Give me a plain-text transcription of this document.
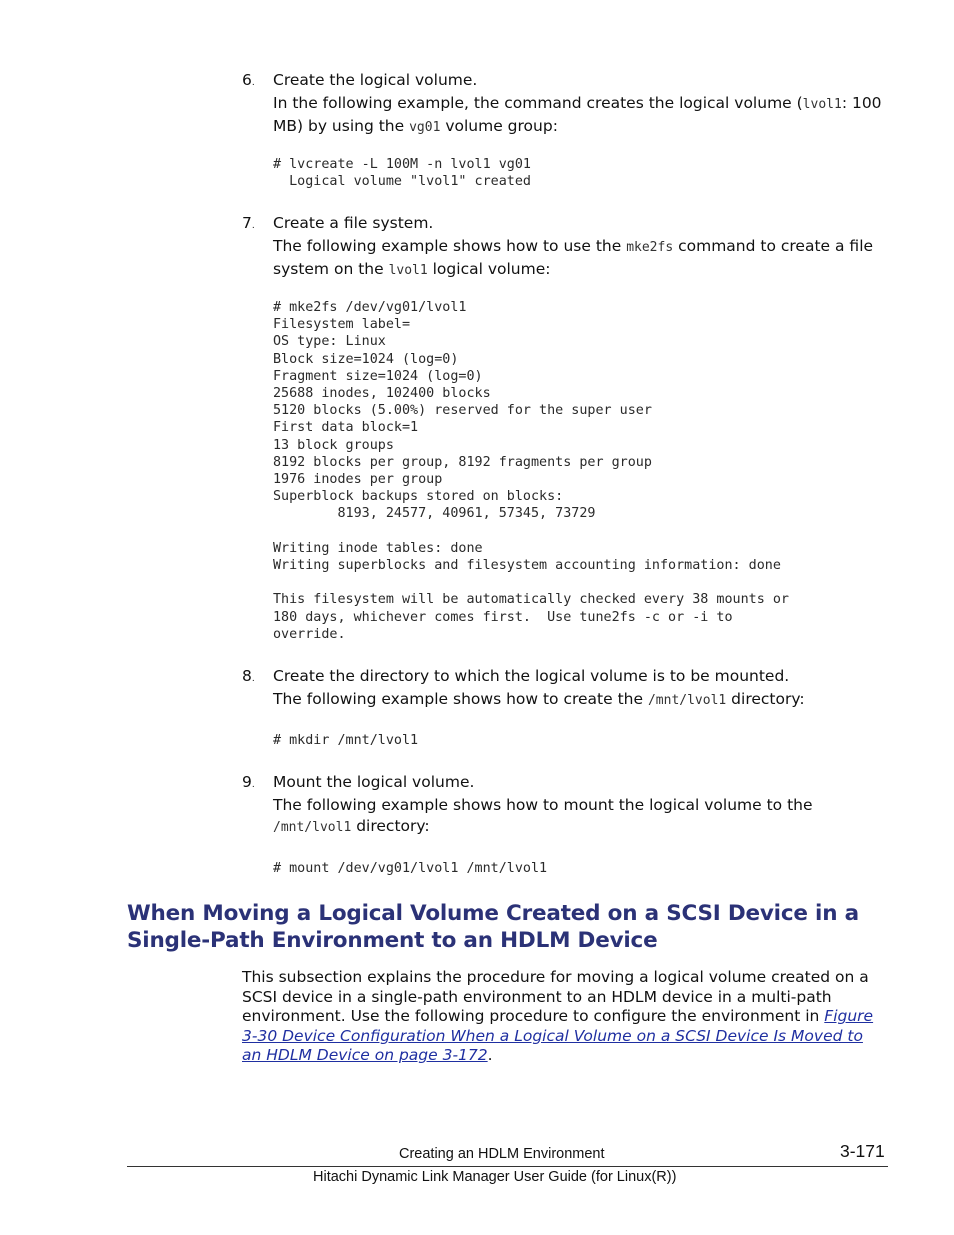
6. Create the logical volume.
In the following example, the command creates the logical volume (lvol1: 100 MB) by using the vg01 volume group:
# lvcreate -L 100M -n lvol1 vg01
Logical volume "lvol1" created
7. Create a file system.
The following example shows how to use the mke2fs command to create a file system on the lvol1 logical volume:
# mke2fs /dev/vg01/lvol1
Filesystem label=
OS type: Linux
Block size=1024 (log=0)
Fragment size=1024 (log=0)
25688 inodes, 102400 blocks
5120 blocks (5.00%) reserved for the super user
First data block=1
13 block groups
8192 blocks per group, 8192 fragments per group
1976 inodes per group
Superblock backups stored on blocks:
8193, 24577, 40961, 57345, 73729

Writing inode tables: done
Writing superblocks and filesystem accounting information: done

This filesystem will be automatically checked every 38 mounts or
180 days, whichever comes first.  Use tune2fs -c or -i to
override.
8. Create the directory to which the logical volume is to be mounted.
The following example shows how to create the /mnt/lvol1 directory:
# mkdir /mnt/lvol1
9. Mount the logical volume.
The following example shows how to mount the logical volume to the /mnt/lvol1 directory:
# mount /dev/vg01/lvol1 /mnt/lvol1
When Moving a Logical Volume Created on a SCSI Device in a Single-Path Environment to an HDLM Device

This subsection explains the procedure for moving a logical volume created on a SCSI device in a single-path environment to an HDLM device in a multi-path environment. Use the following procedure to configure the environment in Figure 3-30 Device Configuration When a Logical Volume on a SCSI Device Is Moved to an HDLM Device on page 3-172.

Creating an HDLM Environment	3-171
Hitachi Dynamic Link Manager User Guide (for Linux(R))
